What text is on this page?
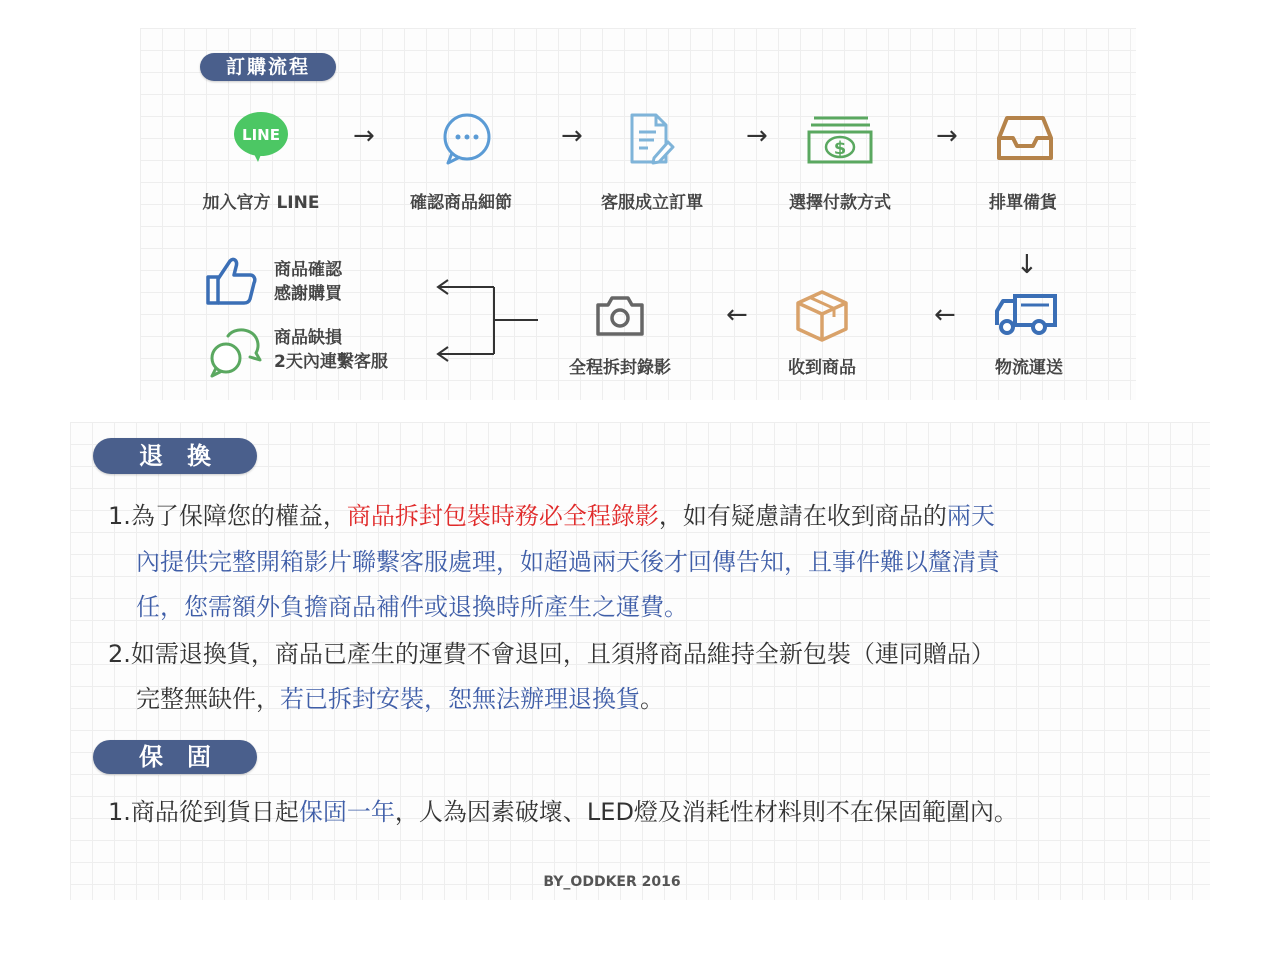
訂購流程
LINE
加入官方 LINE
→
確認商品細節
→
客服成立訂單
→	$
選擇付款方式
→
排單備貨
↓
物流運送
←
收到商品
←
全程拆封錄影
商品確認
感謝購買
商品缺損
2天內連繫客服
退　換
1.為了保障您的權益，商品拆封包裝時務必全程錄影，如有疑慮請在收到商品的兩天
內提供完整開箱影片聯繫客服處理，如超過兩天後才回傳告知，且事件難以釐清責
任，您需額外負擔商品補件或退換時所產生之運費。
2.如需退換貨，商品已產生的運費不會退回，且須將商品維持全新包裝（連同贈品）
完整無缺件，若已拆封安裝，恕無法辦理退換貨。
保　固
1.商品從到貨日起保固一年，人為因素破壞、LED燈及消耗性材料則不在保固範圍內。
BY_ODDKER 2016
